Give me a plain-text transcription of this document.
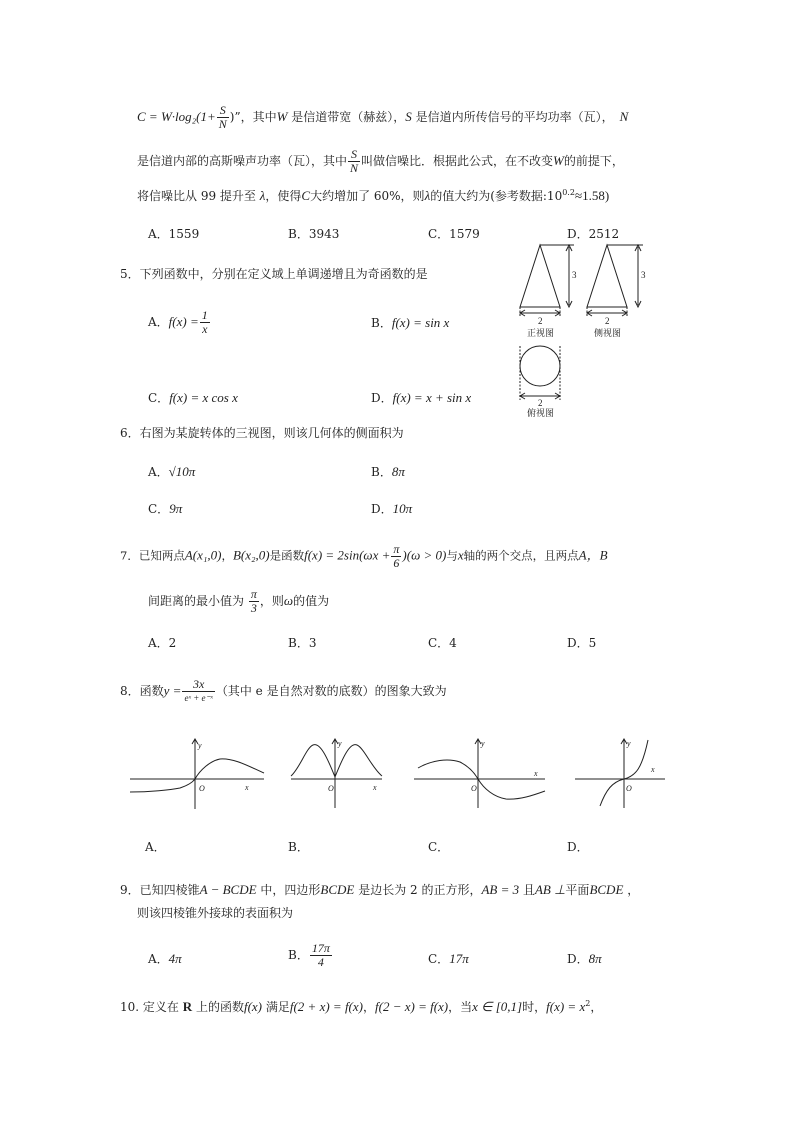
$C = W\cdot\log_2(1+ \frac{S}{N}$ )”，其中W 是信道带宽（赫兹），S 是信道内所传信号的平均功率（瓦）， N
是信道内部的高斯噪声功率（瓦），其中 $\frac{S}{N}$ 叫做信噪比．根据此公式，在不改变W的前提下，
将信噪比从 99 提升至 λ，使得C大约增加了 60%，则λ的值大约为(参考数据$:10^{0.2}\approx 1.58$)
A．1559	B．3943	C．1579	D．2512
5．下列函数中，分别在定义域上单调递增且为奇函数的是
A．$f(x) = \frac{1}{x}$	B．f(x) = sin x
C．f(x) = x cos x	D．f(x) = x + sin x
3
2
3
2
2
正视图	侧视图
俯视图
6．右图为某旋转体的三视图，则该几何体的侧面积为
A．√10π	B．8π
C．9π	D．10π
7．已知两点A(x₁,0)，B(x₂,0)是函数$f(x) = 2\sin(\omega x + \frac{\pi}{6} )(\omega > 0)$与x轴的两个交点，且两点A，B
间距离的最小值为 $\frac{\pi}{3}$ ，则ω的值为
A．2	B．3	C．4	D．5
8．函数$y = \frac{3x}{\text{eˣ + e⁻ˣ}}$ （其中 e 是自然对数的底数）的图象大致为
y
x
O
y
x
O
y
x
O
y
x
O
A．	B．	C．	D．
9．已知四棱锥A − BCDE 中，四边形BCDE 是边长为 2 的正方形，AB = 3 且AB ⊥平面BCDE ，
则该四棱锥外接球的表面积为
A．4π	B． $\frac{17\pi}{4}$	C．17π	D．8π
10. 定义在 R 上的函数f(x) 满足f(2 + x) = f(x)，f(2 − x) = f(x)，当x ∈ [0,1]时，$f(x) = x^2$，
